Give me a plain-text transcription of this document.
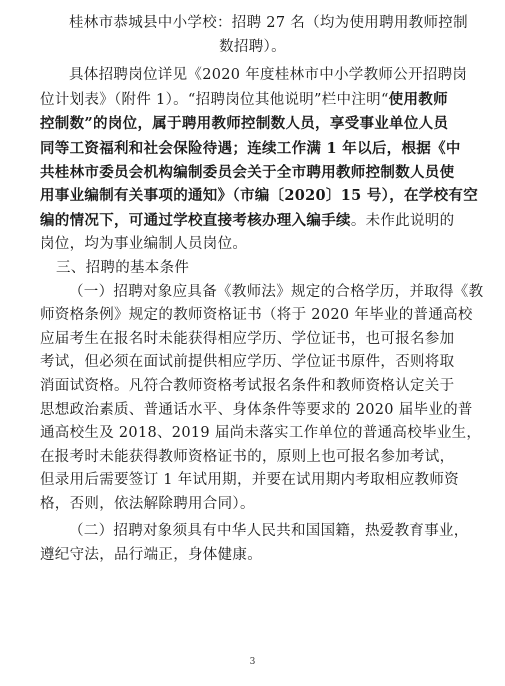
桂林市恭城县中小学校：招聘 27 名（均为使用聘用教师控制
数招聘）。
具体招聘岗位详见《2020 年度桂林市中小学教师公开招聘岗
位计划表》（附件 1）。“招聘岗位其他说明”栏中注明“使用教师
控制数”的岗位，属于聘用教师控制数人员，享受事业单位人员
同等工资福利和社会保险待遇；连续工作满 1 年以后，根据《中
共桂林市委员会机构编制委员会关于全市聘用教师控制数人员使
用事业编制有关事项的通知》（市编〔2020〕15 号），在学校有空
编的情况下，可通过学校直接考核办理入编手续。未作此说明的
岗位，均为事业编制人员岗位。
三、招聘的基本条件
（一）招聘对象应具备《教师法》规定的合格学历，并取得《教
师资格条例》规定的教师资格证书（将于 2020 年毕业的普通高校
应届考生在报名时未能获得相应学历、学位证书，也可报名参加
考试，但必须在面试前提供相应学历、学位证书原件，否则将取
消面试资格。凡符合教师资格考试报名条件和教师资格认定关于
思想政治素质、普通话水平、身体条件等要求的 2020 届毕业的普
通高校生及 2018、2019 届尚未落实工作单位的普通高校毕业生，
在报考时未能获得教师资格证书的，原则上也可报名参加考试，
但录用后需要签订 1 年试用期，并要在试用期内考取相应教师资
格，否则，依法解除聘用合同）。
（二）招聘对象须具有中华人民共和国国籍，热爱教育事业，
遵纪守法，品行端正，身体健康。
3
